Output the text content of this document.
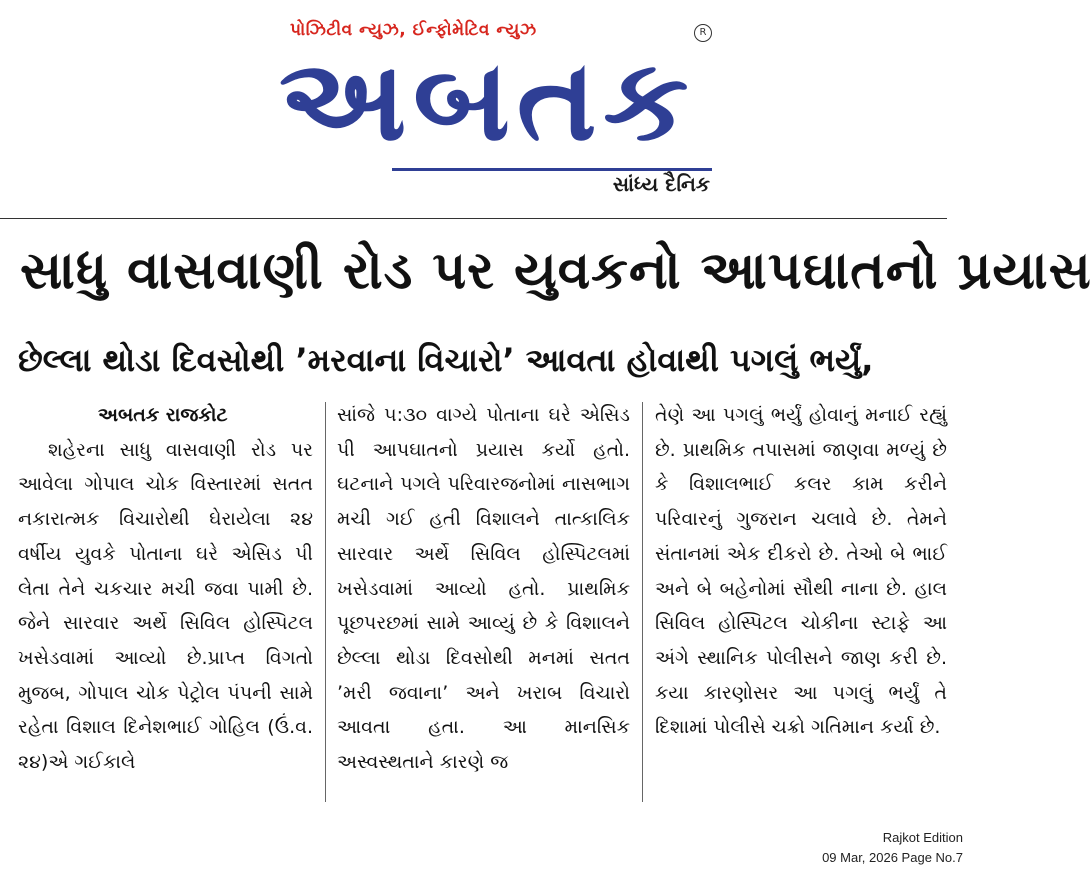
પોઝિટીવ ન્યુઝ, ઈન્ફોમેટિવ ન્યુઝ	R
અબતક
સાંધ્ય દૈનિક
સાધુ વાસવાણી રોડ પર યુવકનો આપઘાતનો પ્રયાસ
છેલ્લા થોડા દિવસોથી ’મરવાના વિચારો’ આવતા હોવાથી પગલું ભર્યું,
અબતક રાજકોટ
શહેરના સાધુ વાસવાણી રોડ પર આવેલા ગોપાલ ચોક વિસ્તારમાં સતત નકારાત્મક વિચારોથી ઘેરાયેલા ૨૪ વર્ષીય યુવકે પોતાના ઘરે એસિડ પી લેતા તેને ચકચાર મચી જવા પામી છે. જેને સારવાર અર્થે સિવિલ હોસ્પિટલ ખસેડવામાં આવ્યો છે.પ્રાપ્ત વિગતો મુજબ, ગોપાલ ચોક પેટ્રોલ પંપની સામે રહેતા વિશાલ દિનેશભાઈ ગોહિલ (ઉં.વ. ૨૪)એ ગઈકાલે
સાંજે ૫:૩૦ વાગ્યે પોતાના ઘરે એસિડ પી આપઘાતનો પ્રયાસ કર્યો હતો. ઘટનાને પગલે પરિવારજનોમાં નાસભાગ મચી ગઈ હતી વિશાલને તાત્કાલિક સારવાર અર્થે સિવિલ હોસ્પિટલમાં ખસેડવામાં આવ્યો હતો. પ્રાથમિક પૂછપરછમાં સામે આવ્યું છે કે વિશાલને છેલ્લા થોડા દિવસોથી મનમાં સતત ’મરી જવાના’ અને ખરાબ વિચારો આવતા હતા. આ માનસિક અસ્વસ્થતાને કારણે જ
તેણે આ પગલું ભર્યું હોવાનું મનાઈ રહ્યું છે. પ્રાથમિક તપાસમાં જાણવા મળ્યું છે કે વિશાલભાઈ કલર કામ કરીને પરિવારનું ગુજરાન ચલાવે છે. તેમને સંતાનમાં એક દીકરો છે. તેઓ બે ભાઈ અને બે બહેનોમાં સૌથી નાના છે. હાલ સિવિલ હોસ્પિટલ ચોકીના સ્ટાફે આ અંગે સ્થાનિક પોલીસને જાણ કરી છે. કયા કારણોસર આ પગલું ભર્યું તે દિશામાં પોલીસે ચક્રો ગતિમાન કર્યા છે.
Rajkot Edition
09 Mar, 2026 Page No.7
